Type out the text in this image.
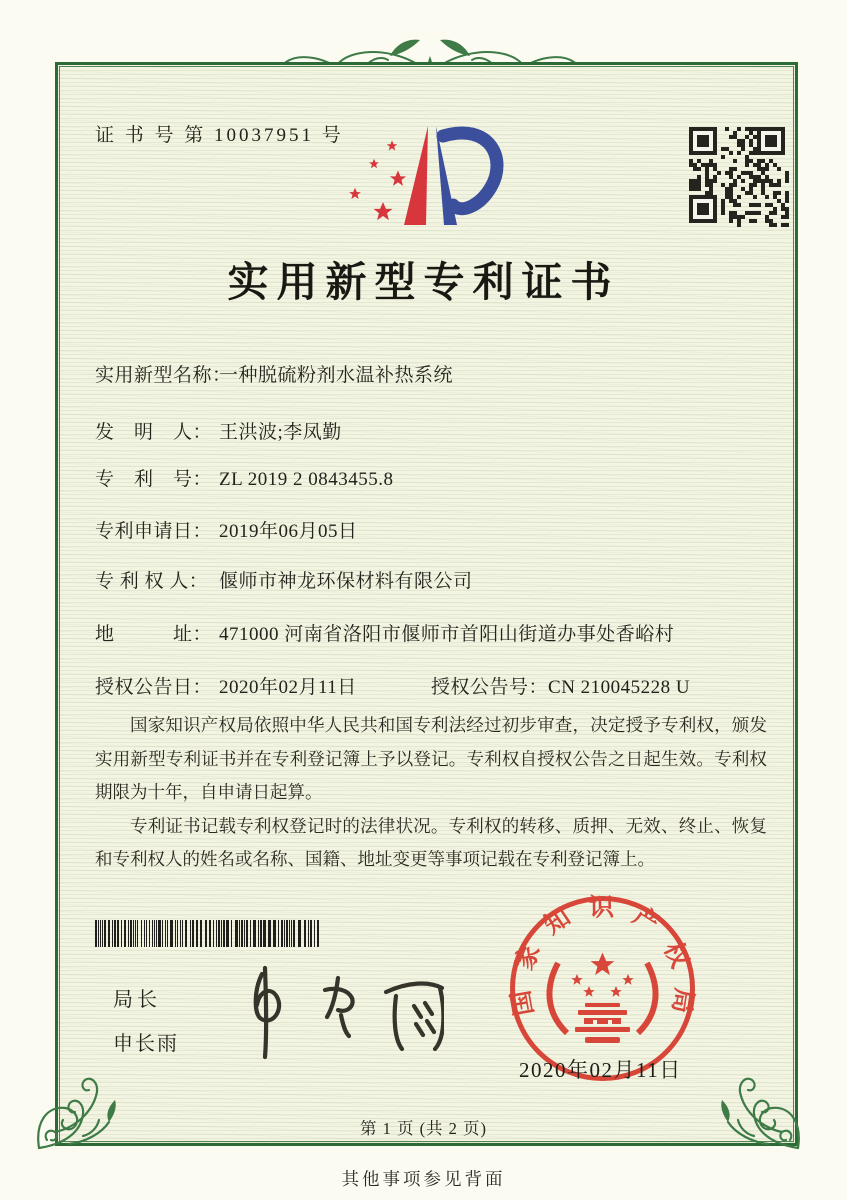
证 书 号 第 10037951 号
实用新型专利证书
实用新型名称：一种脱硫粉剂水温补热系统
发　明　人： 王洪波;李凤勤
专　利　号： ZL 2019 2 0843455.8
专利申请日： 2019年06月05日
专 利 权 人： 偃师市神龙环保材料有限公司
地　　　址： 471000 河南省洛阳市偃师市首阳山街道办事处香峪村
授权公告日： 2020年02月11日	授权公告号：CN 210045228 U

国家知识产权局依照中华人民共和国专利法经过初步审查，决定授予专利权，颁发实用新型专利证书并在专利登记簿上予以登记。专利权自授权公告之日起生效。专利权期限为十年，自申请日起算。

专利证书记载专利权登记时的法律状况。专利权的转移、质押、无效、终止、恢复和专利权人的姓名或名称、国籍、地址变更等事项记载在专利登记簿上。

局长
申长雨
国家知识产权局
2020年02月11日
第 1 页 (共 2 页)
其他事项参见背面
